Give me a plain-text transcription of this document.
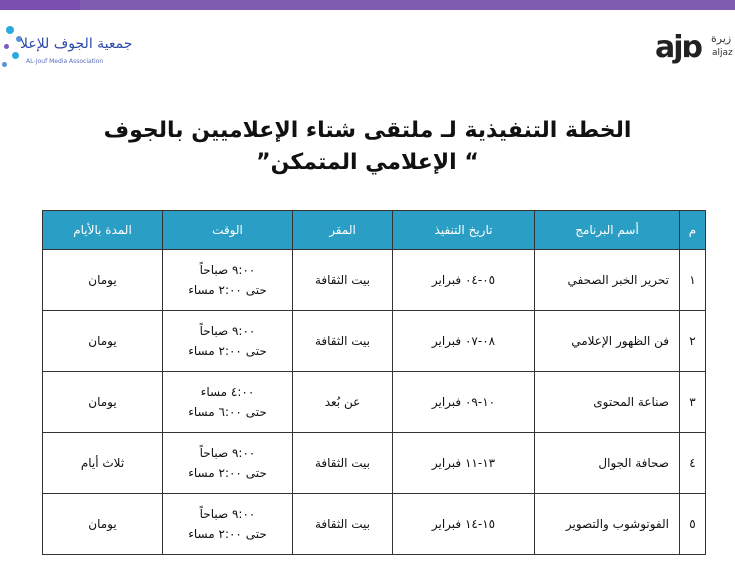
جمعية الجوف للإعلا
AL-Jouf Media Association	ajɒ زيرة
aljaz
الخطة التنفيذية لـ ملتقى شتاء الإعلاميين بالجوف
“ الإعلامي المتمكن”
م	أسم البرنامج	تاريخ التنفيذ	المقر	الوقت	المدة بالأيام
١	تحرير الخبر الصحفي	٠٥-٠٤ فبراير	بيت الثقافة	٩:٠٠ صباحاً
حتى ٢:٠٠ مساء	يومان
٢	فن الظهور الإعلامي	٠٨-٠٧ فبراير	بيت الثقافة	٩:٠٠ صباحاً
حتى ٢:٠٠ مساء	يومان
٣	صناعة المحتوى	١٠-٠٩ فبراير	عن بُعد	٤:٠٠ مساء
حتى ٦:٠٠ مساء	يومان
٤	صحافة الجوال	١٣-١١ فبراير	بيت الثقافة	٩:٠٠ صباحاً
حتى ٢:٠٠ مساء	ثلاث أيام
٥	الفوتوشوب والتصوير	١٥-١٤ فبراير	بيت الثقافة	٩:٠٠ صباحاً
حتى ٢:٠٠ مساء	يومان
